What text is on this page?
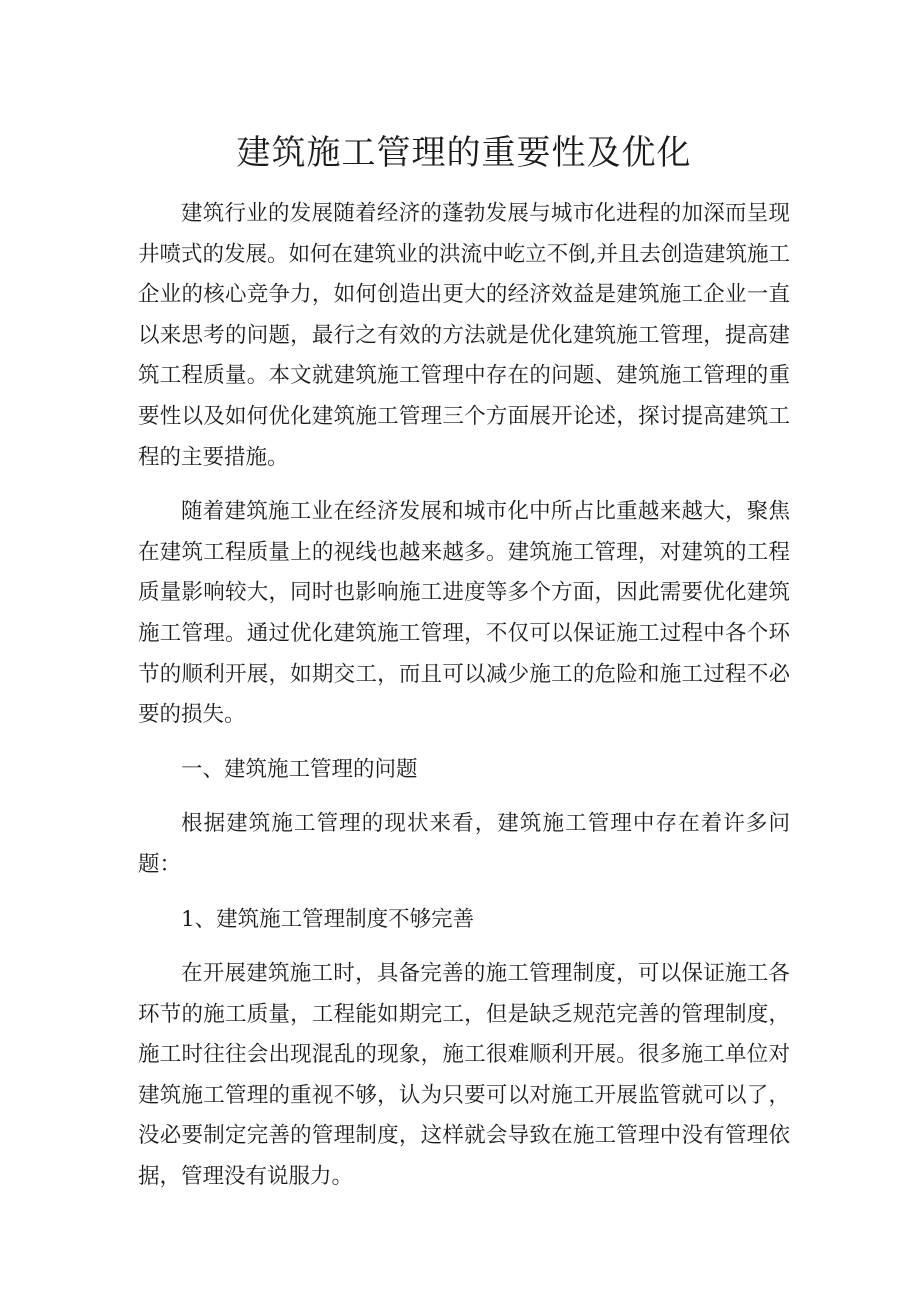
建筑施工管理的重要性及优化

建筑行业的发展随着经济的蓬勃发展与城市化进程的加深而呈现井喷式的发展。如何在建筑业的洪流中屹立不倒,并且去创造建筑施工企业的核心竞争力，如何创造出更大的经济效益是建筑施工企业一直以来思考的问题，最行之有效的方法就是优化建筑施工管理，提高建筑工程质量。本文就建筑施工管理中存在的问题、建筑施工管理的重要性以及如何优化建筑施工管理三个方面展开论述，探讨提高建筑工程的主要措施。

随着建筑施工业在经济发展和城市化中所占比重越来越大，聚焦在建筑工程质量上的视线也越来越多。建筑施工管理，对建筑的工程质量影响较大，同时也影响施工进度等多个方面，因此需要优化建筑施工管理。通过优化建筑施工管理，不仅可以保证施工过程中各个环节的顺利开展，如期交工，而且可以减少施工的危险和施工过程不必要的损失。

一、建筑施工管理的问题

根据建筑施工管理的现状来看，建筑施工管理中存在着许多问题：

1、建筑施工管理制度不够完善

在开展建筑施工时，具备完善的施工管理制度，可以保证施工各环节的施工质量，工程能如期完工，但是缺乏规范完善的管理制度，施工时往往会出现混乱的现象，施工很难顺利开展。很多施工单位对建筑施工管理的重视不够，认为只要可以对施工开展监管就可以了，没必要制定完善的管理制度，这样就会导致在施工管理中没有管理依据，管理没有说服力。
